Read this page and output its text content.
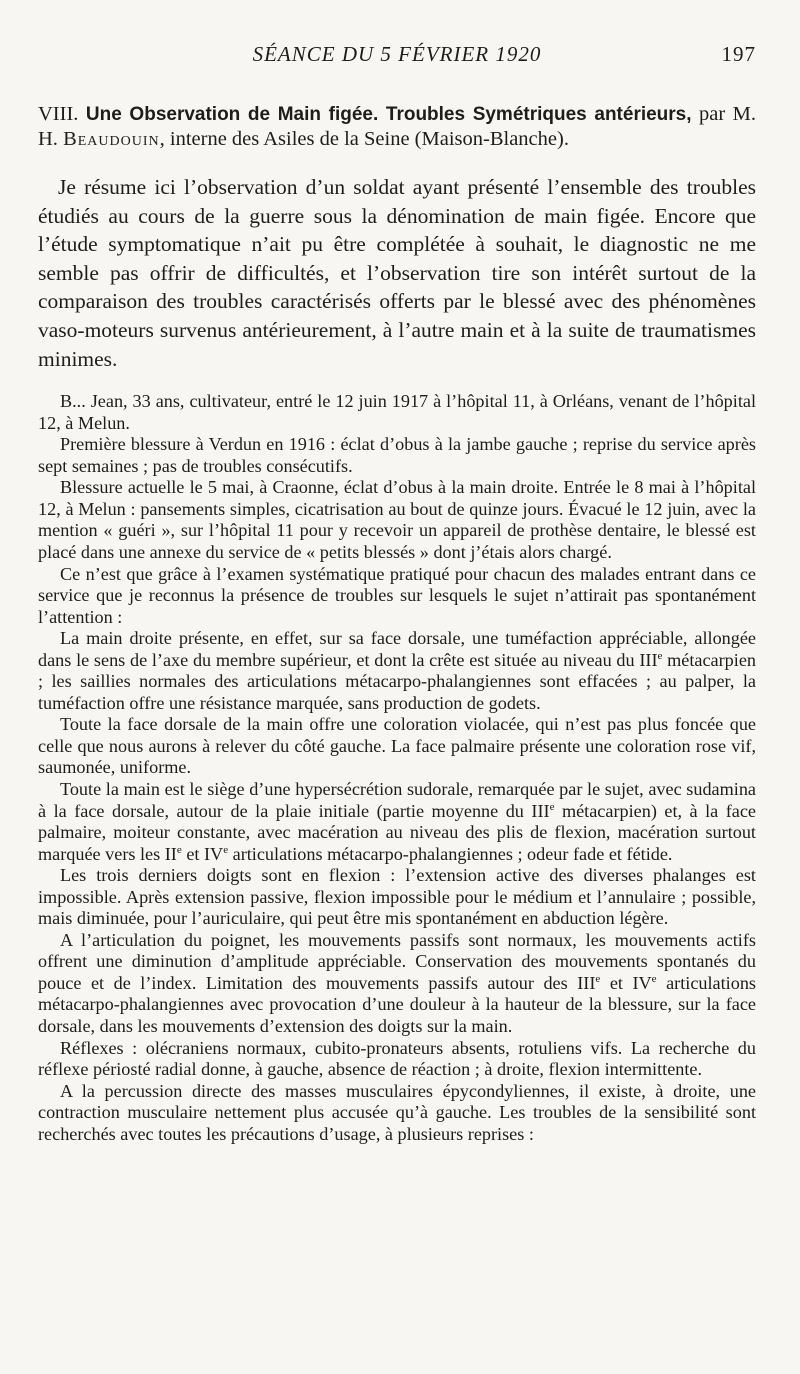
SÉANCE DU 5 FÉVRIER 1920	197
VIII. Une Observation de Main figée. Troubles Symétriques antérieurs, par M. H. Beaudouin, interne des Asiles de la Seine (Maison-Blanche).

Je résume ici l’observation d’un soldat ayant présenté l’ensemble des troubles étudiés au cours de la guerre sous la dénomination de main figée. Encore que l’étude symptomatique n’ait pu être complétée à souhait, le diagnostic ne me semble pas offrir de difficultés, et l’observation tire son intérêt surtout de la comparaison des troubles caractérisés offerts par le blessé avec des phénomènes vaso-moteurs survenus antérieurement, à l’autre main et à la suite de traumatismes minimes.

B... Jean, 33 ans, cultivateur, entré le 12 juin 1917 à l’hôpital 11, à Orléans, venant de l’hôpital 12, à Melun.

Première blessure à Verdun en 1916 : éclat d’obus à la jambe gauche ; reprise du service après sept semaines ; pas de troubles consécutifs.

Blessure actuelle le 5 mai, à Craonne, éclat d’obus à la main droite. Entrée le 8 mai à l’hôpital 12, à Melun : pansements simples, cicatrisation au bout de quinze jours. Évacué le 12 juin, avec la mention « guéri », sur l’hôpital 11 pour y recevoir un appareil de prothèse dentaire, le blessé est placé dans une annexe du service de « petits blessés » dont j’étais alors chargé.

Ce n’est que grâce à l’examen systématique pratiqué pour chacun des malades entrant dans ce service que je reconnus la présence de troubles sur lesquels le sujet n’attirait pas spontanément l’attention :

La main droite présente, en effet, sur sa face dorsale, une tuméfaction appréciable, allongée dans le sens de l’axe du membre supérieur, et dont la crête est située au niveau du IIIe métacarpien ; les saillies normales des articulations métacarpo-phalangiennes sont effacées ; au palper, la tuméfaction offre une résistance marquée, sans production de godets.

Toute la face dorsale de la main offre une coloration violacée, qui n’est pas plus foncée que celle que nous aurons à relever du côté gauche. La face palmaire présente une coloration rose vif, saumonée, uniforme.

Toute la main est le siège d’une hypersécrétion sudorale, remarquée par le sujet, avec sudamina à la face dorsale, autour de la plaie initiale (partie moyenne du IIIe métacarpien) et, à la face palmaire, moiteur constante, avec macération au niveau des plis de flexion, macération surtout marquée vers les IIe et IVe articulations métacarpo-phalangiennes ; odeur fade et fétide.

Les trois derniers doigts sont en flexion : l’extension active des diverses phalanges est impossible. Après extension passive, flexion impossible pour le médium et l’annulaire ; possible, mais diminuée, pour l’auriculaire, qui peut être mis spontanément en abduction légère.

A l’articulation du poignet, les mouvements passifs sont normaux, les mouvements actifs offrent une diminution d’amplitude appréciable. Conservation des mouvements spontanés du pouce et de l’index. Limitation des mouvements passifs autour des IIIe et IVe articulations métacarpo-phalangiennes avec provocation d’une douleur à la hauteur de la blessure, sur la face dorsale, dans les mouvements d’extension des doigts sur la main.

Réflexes : olécraniens normaux, cubito-pronateurs absents, rotuliens vifs. La recherche du réflexe périosté radial donne, à gauche, absence de réaction ; à droite, flexion intermittente.

A la percussion directe des masses musculaires épycondyliennes, il existe, à droite, une contraction musculaire nettement plus accusée qu’à gauche. Les troubles de la sensibilité sont recherchés avec toutes les précautions d’usage, à plusieurs reprises :
